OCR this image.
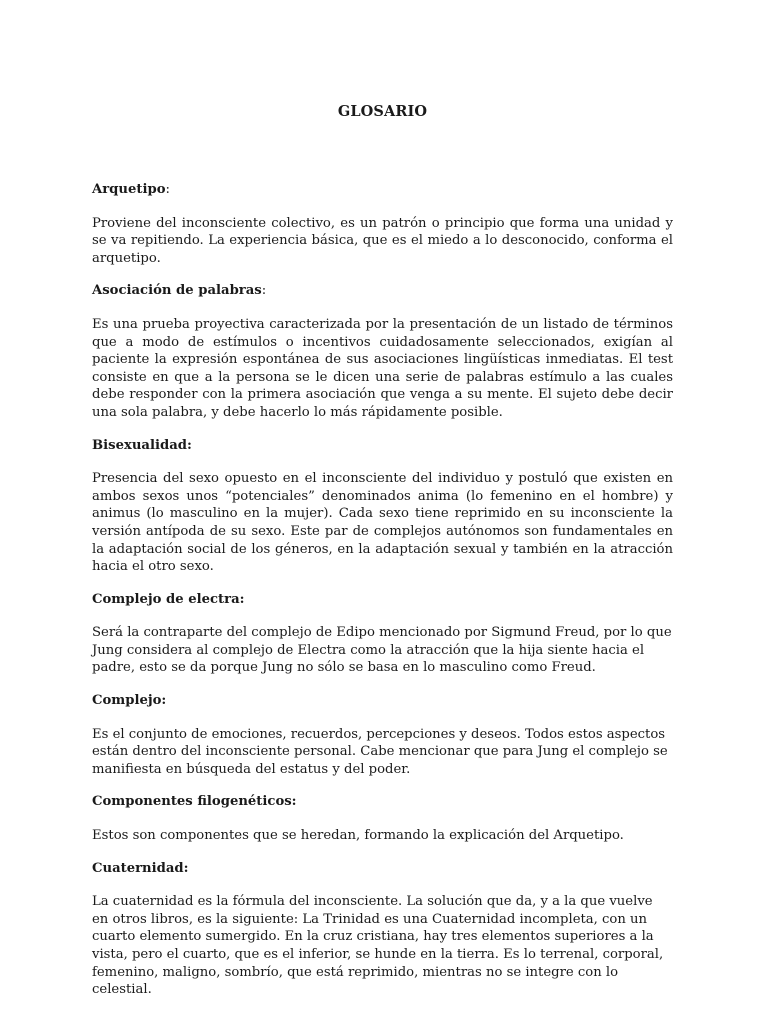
GLOSARIO

Arquetipo:

Proviene del inconsciente colectivo, es un patrón o principio que forma una unidad y se va repitiendo. La experiencia básica, que es el miedo a lo desconocido, conforma el arquetipo.

Asociación de palabras:

Es una prueba proyectiva caracterizada por la presentación de un listado de términos que a modo de estímulos o incentivos cuidadosamente seleccionados, exigían al paciente la expresión espontánea de sus asociaciones lingüísticas inmediatas. El test consiste en que a la persona se le dicen una serie de palabras estímulo a las cuales debe responder con la primera asociación que venga a su mente. El sujeto debe decir una sola palabra, y debe hacerlo lo más rápidamente posible.

Bisexualidad:

Presencia del sexo opuesto en el inconsciente del individuo y postuló que existen en ambos sexos unos “potenciales” denominados anima (lo femenino en el hombre) y animus (lo masculino en la mujer). Cada sexo tiene reprimido en su inconsciente la versión antípoda de su sexo. Este par de complejos autónomos son fundamentales en la adaptación social de los géneros, en la adaptación sexual y también en la atracción hacia el otro sexo.

Complejo de electra:

Será la contraparte del complejo de Edipo mencionado por Sigmund Freud, por lo que Jung considera al complejo de Electra como la atracción que la hija siente hacia el padre, esto se da porque Jung no sólo se basa en lo masculino como Freud.

Complejo:

Es el conjunto de emociones, recuerdos, percepciones y deseos. Todos estos aspectos están dentro del inconsciente personal. Cabe mencionar que para Jung el complejo se manifiesta en búsqueda del estatus y del poder.

Componentes filogenéticos:

Estos son componentes que se heredan, formando la explicación del Arquetipo.

Cuaternidad:

La cuaternidad es la fórmula del inconsciente. La solución que da, y a la que vuelve en otros libros, es la siguiente: La Trinidad es una Cuaternidad incompleta, con un cuarto elemento sumergido. En la cruz cristiana, hay tres elementos superiores a la vista, pero el cuarto, que es el inferior, se hunde en la tierra. Es lo terrenal, corporal, femenino, maligno, sombrío, que está reprimido, mientras no se integre con lo celestial.
